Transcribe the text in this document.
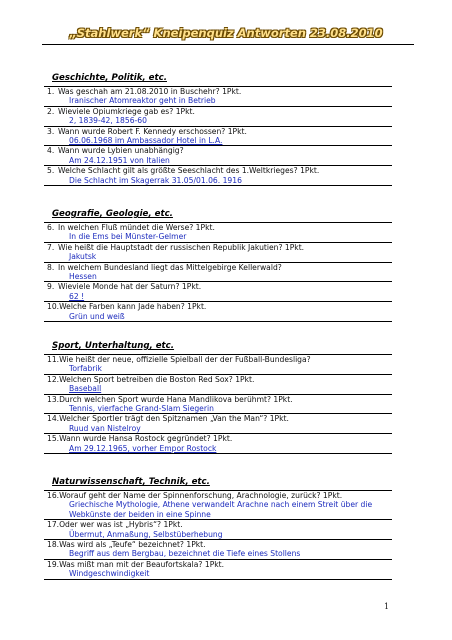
„Stahlwerk“ Kneipenquiz Antworten 23.08.2010
Geschichte, Politik, etc.
1. Was geschah am 21.08.2010 in Buschehr? 1Pkt.
Iranischer Atomreaktor geht in Betrieb
2. Wieviele Opiumkriege gab es? 1Pkt.
2, 1839-42, 1856-60
3. Wann wurde Robert F. Kennedy erschossen? 1Pkt.
06.06.1968 im Ambassador Hotel in L.A.
4. Wann wurde Lybien unabhängig?
Am 24.12.1951 von Italien
5. Welche Schlacht gilt als größte Seeschlacht des 1.Weltkrieges? 1Pkt.
Die Schlacht im Skagerrak 31.05/01.06. 1916
Geografie, Geologie, etc.
6. In welchen Fluß mündet die Werse? 1Pkt.
In die Ems bei Münster-Gelmer
7. Wie heißt die Hauptstadt der russischen Republik Jakutien? 1Pkt.
Jakutsk
8. In welchem Bundesland liegt das Mittelgebirge Kellerwald?
Hessen
9. Wieviele Monde hat der Saturn? 1Pkt.
62 !
10. Welche Farben kann Jade haben? 1Pkt.
Grün und weiß
Sport, Unterhaltung, etc.
11. Wie heißt der neue, offizielle Spielball der der Fußball-Bundesliga?
Torfabrik
12. Welchen Sport betreiben die Boston Red Sox? 1Pkt.
Baseball
13. Durch welchen Sport wurde Hana Mandlikova berühmt? 1Pkt.
Tennis, vierfache Grand-Slam Siegerin
14. Welcher Sportler trägt den Spitznamen „Van the Man“? 1Pkt.
Ruud van Nistelroy
15. Wann wurde Hansa Rostock gegründet? 1Pkt.
Am 29.12.1965, vorher Empor Rostock
Naturwissenschaft, Technik, etc.
16. Worauf geht der Name der Spinnenforschung, Arachnologie, zurück? 1Pkt.
Griechische Mythologie, Athene verwandelt Arachne nach einem Streit über die
Webkünste der beiden in eine Spinne
17. Oder wer was ist „Hybris“? 1Pkt.
Übermut, Anmaßung, Selbstüberhebung
18. Was wird als „Teufe“ bezeichnet? 1Pkt.
Begriff aus dem Bergbau, bezeichnet die Tiefe eines Stollens
19. Was mißt man mit der Beaufortskala? 1Pkt.
Windgeschwindigkeit
1
